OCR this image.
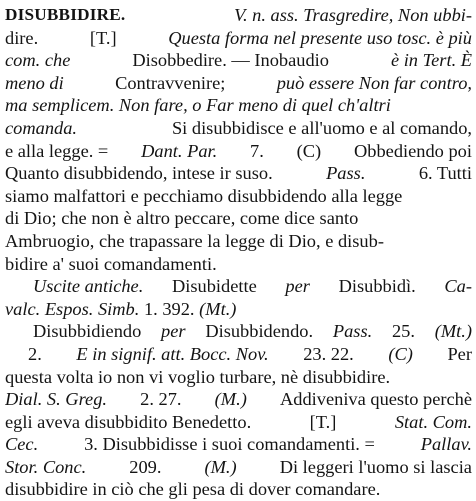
DISUBBIDIRE.	V. n. ass. Trasgredire, Non ubbi-
dire.	[T.]	Questa forma nel presente uso tosc. è più
com. che	Disobbedire. — Inobaudio	è in Tert. È
meno di	Contravvenire;	può essere Non far contro,
ma semplicem. Non fare, o Far meno di quel ch'altri
comanda.	Si disubbidisce e all'uomo e al comando,
e alla legge. = Dant. Par. 7. (C) Obbediendo poi
Quanto disubbidendo, intese ir suso.	Pass.	6. Tutti
siamo malfattori e pecchiamo disubbidendo alla legge
di Dio; che non è altro peccare, come dice santo
Ambruogio, che trapassare la legge di Dio, e disub-
bidire a' suoi comandamenti.
Uscite antiche. Disubidette per Disubbidì. Ca-
valc. Espos. Simb. 1. 392. (Mt.)
Disubbidiendo per Disubbidendo. Pass. 25. (Mt.)
2. E in signif. att. Bocc. Nov. 23. 22. (C) Per
questa volta io non vi voglio turbare, nè disubbidire.
Dial. S. Greg. 2. 27. (M.) Addiveniva questo perchè
egli aveva disubbidito Benedetto.	[T.]	Stat. Com.
Cec. 3. Disubbidisse i suoi comandamenti. = Pallav.
Stor. Conc. 209. (M.) Di leggeri l'uomo si lascia
disubbidire in ciò che gli pesa di dover comandare.
